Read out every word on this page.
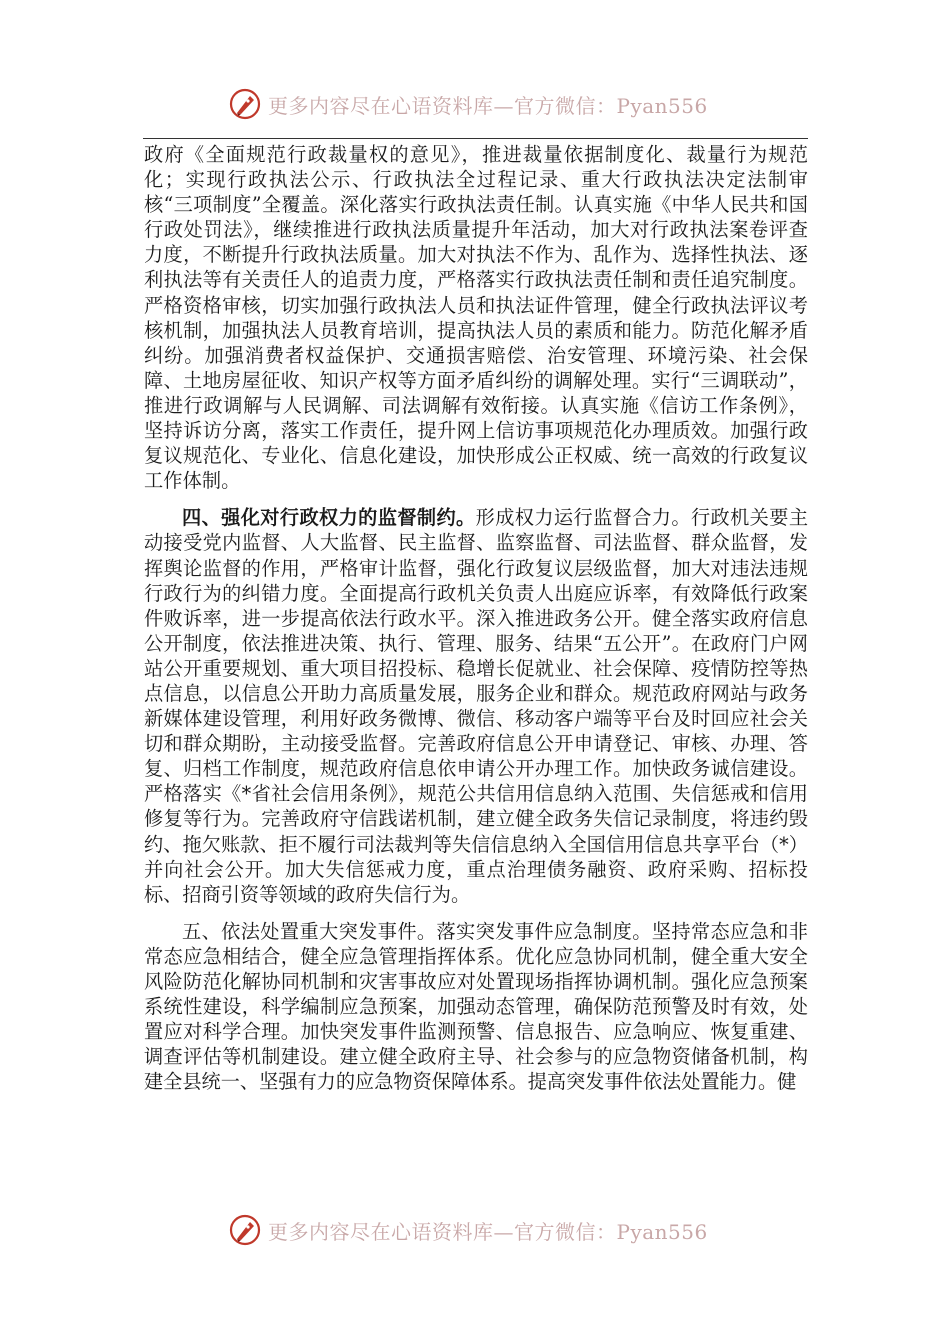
更多内容尽在心语资料库—官方微信：Pyan556

政府《全面规范行政裁量权的意见》，推进裁量依据制度化、裁量行为规范化；实现行政执法公示、行政执法全过程记录、重大行政执法决定法制审核“三项制度”全覆盖。深化落实行政执法责任制。认真实施《中华人民共和国行政处罚法》，继续推进行政执法质量提升年活动，加大对行政执法案卷评查力度，不断提升行政执法质量。加大对执法不作为、乱作为、选择性执法、逐利执法等有关责任人的追责力度，严格落实行政执法责任制和责任追究制度。严格资格审核，切实加强行政执法人员和执法证件管理，健全行政执法评议考核机制，加强执法人员教育培训，提高执法人员的素质和能力。防范化解矛盾纠纷。加强消费者权益保护、交通损害赔偿、治安管理、环境污染、社会保障、土地房屋征收、知识产权等方面矛盾纠纷的调解处理。实行“三调联动”，推进行政调解与人民调解、司法调解有效衔接。认真实施《信访工作条例》，坚持诉访分离，落实工作责任，提升网上信访事项规范化办理质效。加强行政复议规范化、专业化、信息化建设，加快形成公正权威、统一高效的行政复议工作体制。

四、强化对行政权力的监督制约。形成权力运行监督合力。行政机关要主动接受党内监督、人大监督、民主监督、监察监督、司法监督、群众监督，发挥舆论监督的作用，严格审计监督，强化行政复议层级监督，加大对违法违规行政行为的纠错力度。全面提高行政机关负责人出庭应诉率，有效降低行政案件败诉率，进一步提高依法行政水平。深入推进政务公开。健全落实政府信息公开制度，依法推进决策、执行、管理、服务、结果“五公开”。在政府门户网站公开重要规划、重大项目招投标、稳增长促就业、社会保障、疫情防控等热点信息，以信息公开助力高质量发展，服务企业和群众。规范政府网站与政务新媒体建设管理，利用好政务微博、微信、移动客户端等平台及时回应社会关切和群众期盼，主动接受监督。完善政府信息公开申请登记、审核、办理、答复、归档工作制度，规范政府信息依申请公开办理工作。加快政务诚信建设。严格落实《*省社会信用条例》，规范公共信用信息纳入范围、失信惩戒和信用修复等行为。完善政府守信践诺机制，建立健全政务失信记录制度，将违约毁约、拖欠账款、拒不履行司法裁判等失信信息纳入全国信用信息共享平台（*）并向社会公开。加大失信惩戒力度，重点治理债务融资、政府采购、招标投标、招商引资等领域的政府失信行为。

五、依法处置重大突发事件。落实突发事件应急制度。坚持常态应急和非常态应急相结合，健全应急管理指挥体系。优化应急协同机制，健全重大安全风险防范化解协同机制和灾害事故应对处置现场指挥协调机制。强化应急预案系统性建设，科学编制应急预案，加强动态管理，确保防范预警及时有效，处置应对科学合理。加快突发事件监测预警、信息报告、应急响应、恢复重建、调查评估等机制建设。建立健全政府主导、社会参与的应急物资储备机制，构建全县统一、坚强有力的应急物资保障体系。提高突发事件依法处置能力。健

更多内容尽在心语资料库—官方微信：Pyan556
